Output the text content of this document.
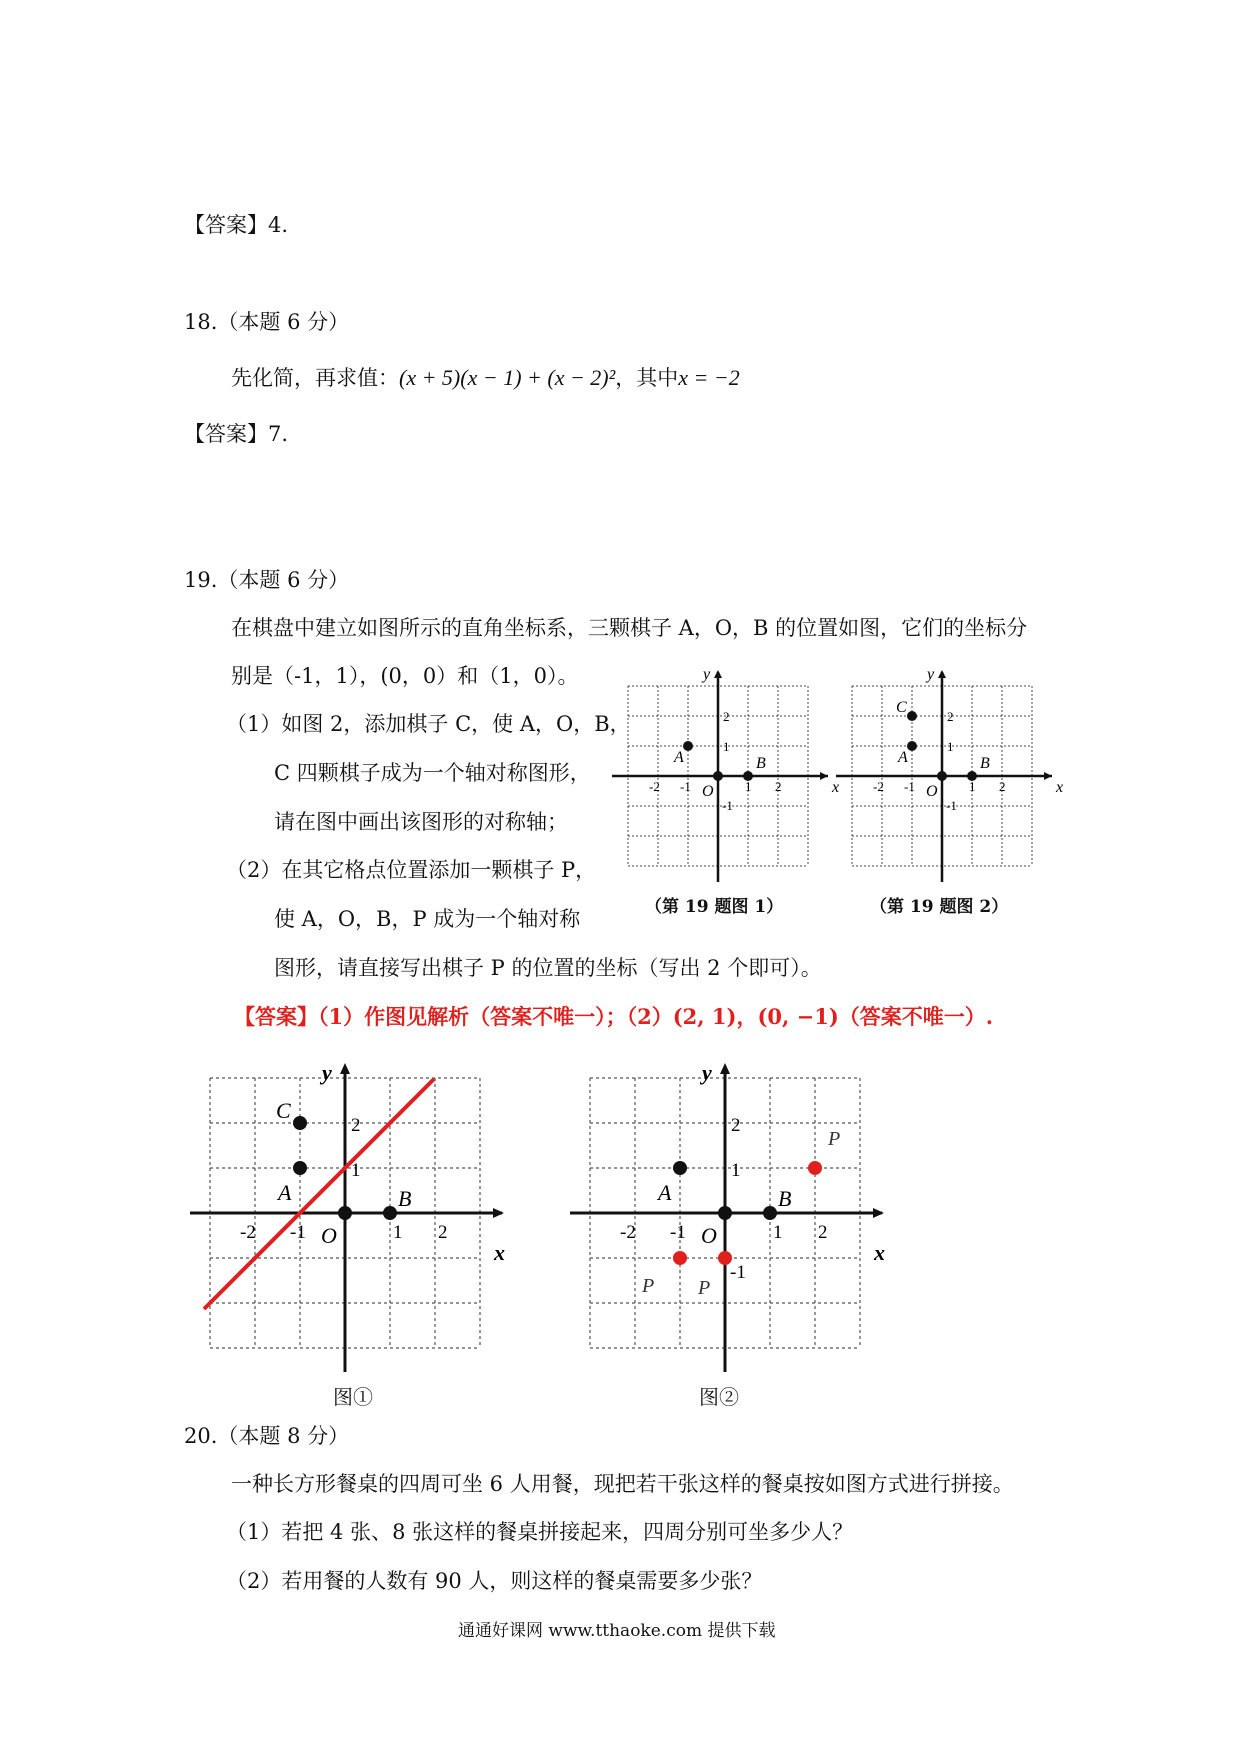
【答案】4.
18.（本题 6 分）
先化简，再求值：(x + 5)(x − 1) + (x − 2)²，其中x = −2
【答案】7.
19.（本题 6 分）
在棋盘中建立如图所示的直角坐标系，三颗棋子 A，O，B 的位置如图，它们的坐标分
别是（-1，1），(0，0）和（1，0）。
（1）如图 2，添加棋子 C，使 A，O，B，
C 四颗棋子成为一个轴对称图形，
请在图中画出该图形的对称轴；
（2）在其它格点位置添加一颗棋子 P，
使 A，O，B，P 成为一个轴对称
图形，请直接写出棋子 P 的位置的坐标（写出 2 个即可）。
x
y
O
A	B
-2 -1	1 2
2
1
-1
x
y
O
C
A	B
-2 -1	1 2
2
1
-1
（第 19 题图 1）	（第 19 题图 2）
【答案】（1）作图见解析（答案不唯一）；（2）(2, 1)，(0, −1)（答案不唯一）.
x
y
O
C
A	B
-2 -1	1 2
2
1
x
y
O
A	B
P
P P
-2 -1	1 2
2
1
-1
图①	图②
20.（本题 8 分）
一种长方形餐桌的四周可坐 6 人用餐，现把若干张这样的餐桌按如图方式进行拼接。
（1）若把 4 张、8 张这样的餐桌拼接起来，四周分别可坐多少人？
（2）若用餐的人数有 90 人，则这样的餐桌需要多少张？
通通好课网 www.tthaoke.com 提供下载
